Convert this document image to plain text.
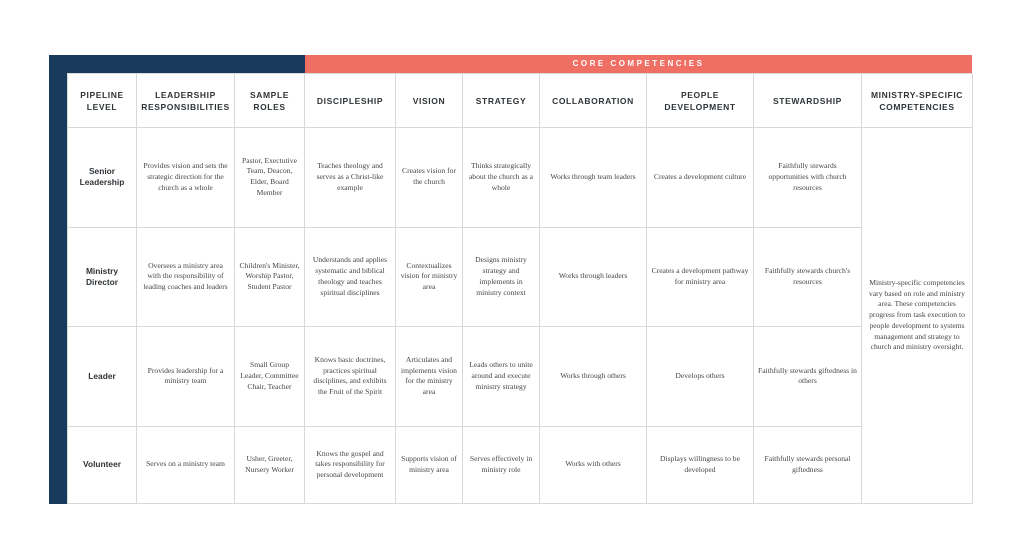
CORE COMPETENCIES
PIPELINE LEVEL	LEADERSHIP RESPONSIBILITIES	SAMPLE ROLES	DISCIPLESHIP	VISION	STRATEGY	COLLABORATION	PEOPLE DEVELOPMENT	STEWARDSHIP	MINISTRY-SPECIFIC COMPETENCIES
Senior Leadership	Provides vision and sets the strategic direction for the church as a whole	Pastor, Exectutive Team, Deacon, Elder, Board Member	Teaches theology and serves as a Christ-like example	Creates vision for the church	Thinks strategically about the church as a whole	Works through team leaders	Creates a development culture	Faithfully stewards opportunities with church resources	Ministry-specific competencies vary based on role and ministry area. These competencies progress from task execution to people development to systems management and strategy to church and ministry oversight.
Ministry Director	Oversees a ministry area with the responsibility of leading coaches and leaders	Children's Minister, Worship Pastor, Student Pastor	Understands and applies systematic and biblical theology and teaches spiritual disciplines	Contextualizes vision for ministry area	Designs ministry strategy and implements in ministry context	Works through leaders	Creates a development pathway for ministry area	Faithfully stewards church's resources	
Leader	Provides leadership for a ministry team	Small Group Leader, Committee Chair, Teacher	Knows basic doctrines, practices spiritual disciplines, and exhibits the Fruit of the Spirit	Articulates and implements vision for the ministry area	Leads others to unite around and execute ministry strategy	Works through others	Develops others	Faithfully stewards giftedness in others	
Volunteer	Serves on a ministry team	Usher, Greeter, Nursery Worker	Knows the gospel and takes responsibility for personal development	Supports vision of ministry area	Serves effectively in ministry role	Works with others	Displays willingness to be developed	Faithfully stewards personal giftedness	
